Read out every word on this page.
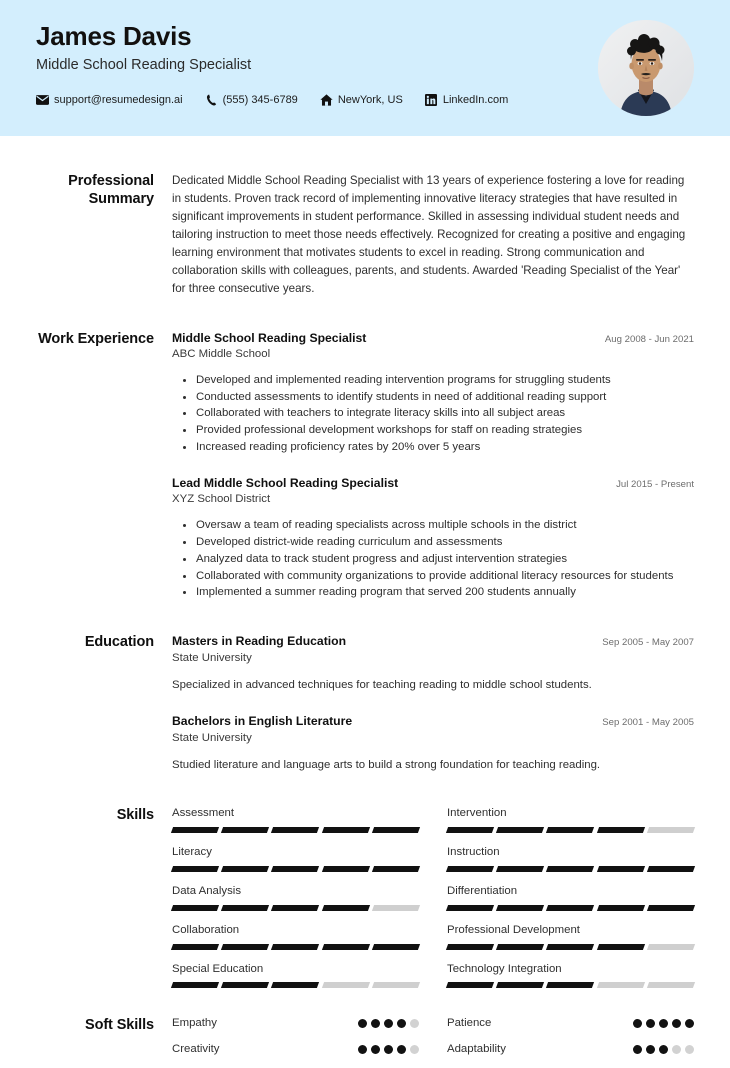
James Davis
Middle School Reading Specialist
support@resumedesign.ai	(555) 345-6789	NewYork, US	LinkedIn.com
Professional Summary
Dedicated Middle School Reading Specialist with 13 years of experience fostering a love for reading in students. Proven track record of implementing innovative literacy strategies that have resulted in significant improvements in student performance. Skilled in assessing individual student needs and tailoring instruction to meet those needs effectively. Recognized for creating a positive and engaging learning environment that motivates students to excel in reading. Strong communication and collaboration skills with colleagues, parents, and students. Awarded 'Reading Specialist of the Year' for three consecutive years.
Work Experience	Middle School Reading Specialist	Aug 2008 - Jun 2021
ABC Middle School
Developed and implemented reading intervention programs for struggling students
Conducted assessments to identify students in need of additional reading support
Collaborated with teachers to integrate literacy skills into all subject areas
Provided professional development workshops for staff on reading strategies
Increased reading proficiency rates by 20% over 5 years
Lead Middle School Reading Specialist	Jul 2015 - Present
XYZ School District
Oversaw a team of reading specialists across multiple schools in the district
Developed district-wide reading curriculum and assessments
Analyzed data to track student progress and adjust intervention strategies
Collaborated with community organizations to provide additional literacy resources for students
Implemented a summer reading program that served 200 students annually
Education	Masters in Reading Education	Sep 2005 - May 2007
State University
Specialized in advanced techniques for teaching reading to middle school students.
Bachelors in English Literature	Sep 2001 - May 2005
State University
Studied literature and language arts to build a strong foundation for teaching reading.
Skills	Assessment	Intervention
Literacy	Instruction
Data Analysis	Differentiation
Collaboration	Professional Development
Special Education	Technology Integration
Soft Skills	Empathy	Patience
Creativity	Adaptability
